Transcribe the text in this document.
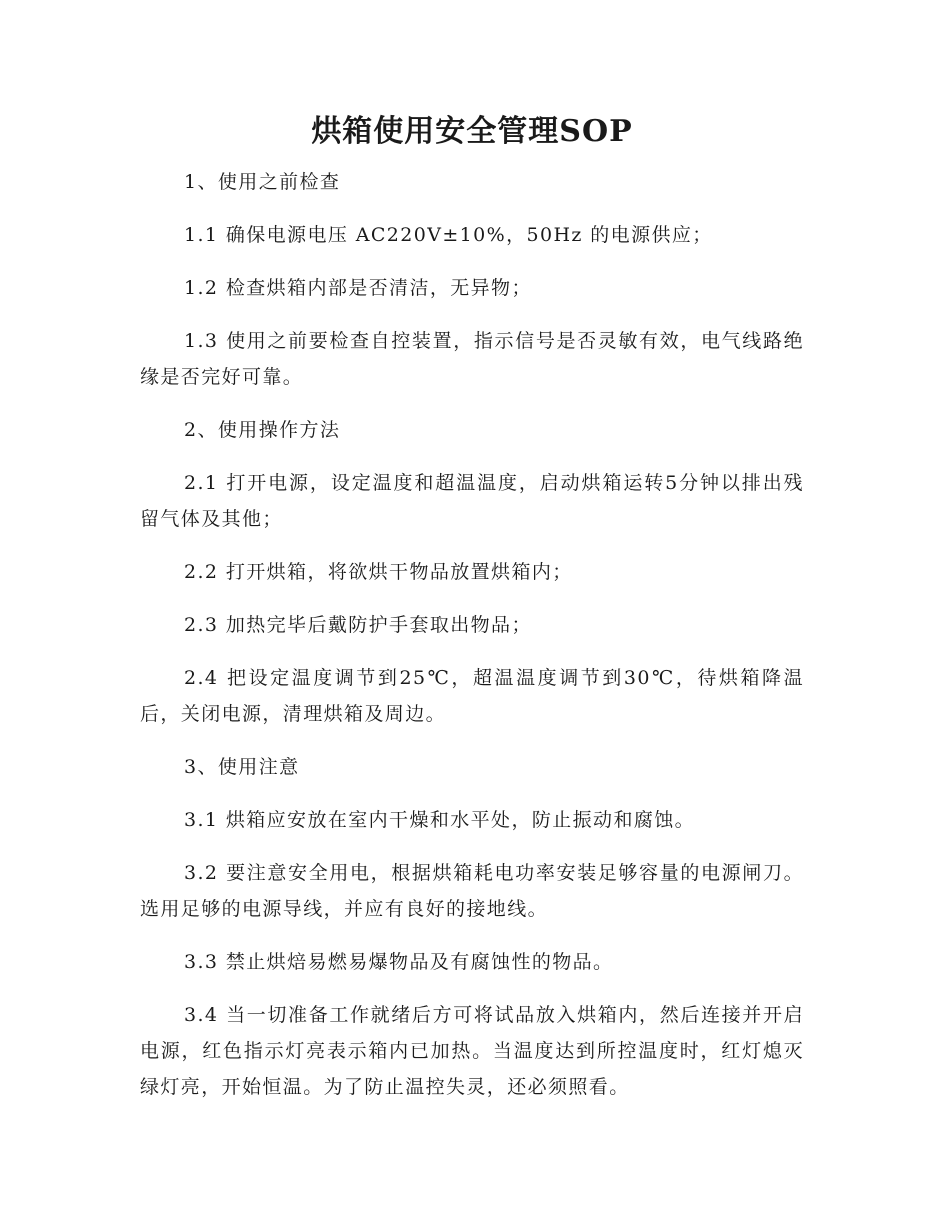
烘箱使用安全管理SOP

1、使用之前检查

1.1 确保电源电压 AC220V±10%，50Hz 的电源供应；

1.2 检查烘箱内部是否清洁，无异物；

1.3 使用之前要检查自控装置，指示信号是否灵敏有效，电气线路绝缘是否完好可靠。

2、使用操作方法

2.1 打开电源，设定温度和超温温度，启动烘箱运转5分钟以排出残留气体及其他；

2.2 打开烘箱，将欲烘干物品放置烘箱内；

2.3 加热完毕后戴防护手套取出物品；

2.4 把设定温度调节到25℃，超温温度调节到30℃，待烘箱降温后，关闭电源，清理烘箱及周边。

3、使用注意

3.1 烘箱应安放在室内干燥和水平处，防止振动和腐蚀。

3.2 要注意安全用电，根据烘箱耗电功率安装足够容量的电源闸刀。选用足够的电源导线，并应有良好的接地线。

3.3 禁止烘焙易燃易爆物品及有腐蚀性的物品。

3.4 当一切准备工作就绪后方可将试品放入烘箱内，然后连接并开启电源，红色指示灯亮表示箱内已加热。当温度达到所控温度时，红灯熄灭绿灯亮，开始恒温。为了防止温控失灵，还必须照看。
